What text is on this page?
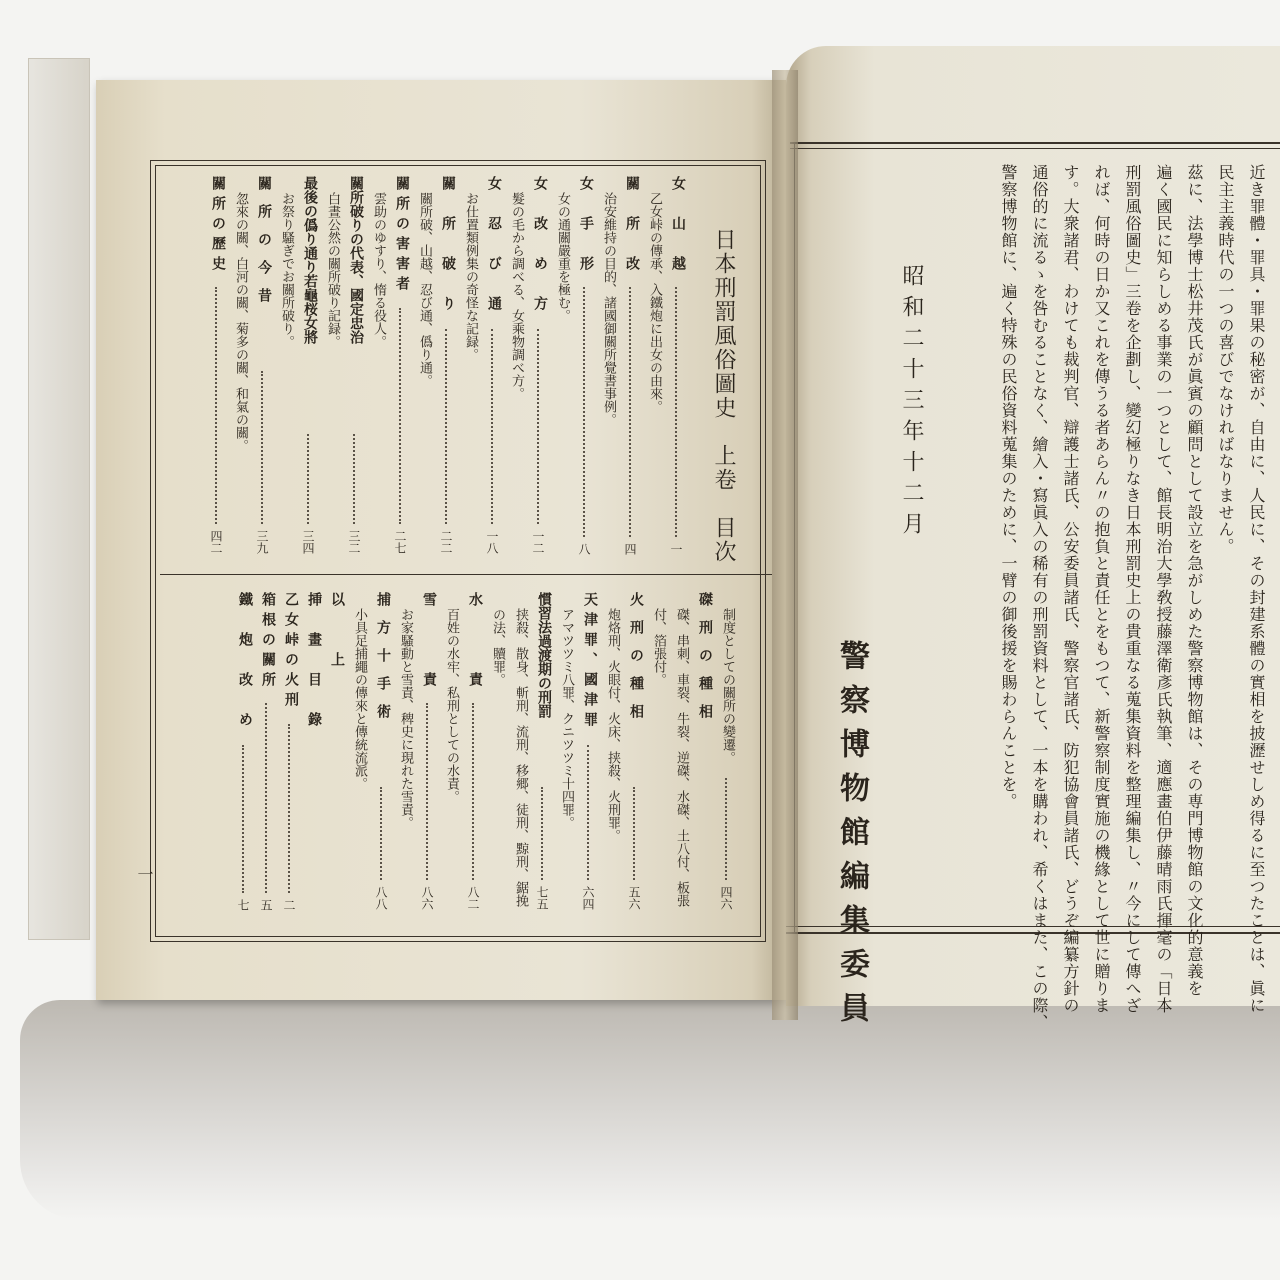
日本刑罰風俗圖史　上卷　目次
女　山　越
一
乙女峠の傳承、入鐵炮に出女の由來。
關　所　改
四
治安維持の目的、諸國御關所覺書事例。
女　手　形
八
女の通關嚴重を極む。
女　改　め　方
一二
髮の毛から調べる、女乘物調べ方。
女　忍　び　通
一八
お仕置類例集の奇怪な記録。
關　所　破　り
二二
關所破、山越、忍び通、僞り通。
關所の害害者
二七
雲助のゆすり、惰る役人。
關所破りの代表、國定忠治
三二
白晝公然の關所破り記録。
最後の僞り通り若龜桜女將
三四
お祭り騷ぎでお關所破り。
關　所　の　今　昔
三九
忽來の關、白河の關、菊多の關、和氣の關。
關所の歷史
四二
制度としての關所の變遷。
四六
磔　刑　の　種　相
磔、串刺、車裂、牛裂、逆磔、水磔、土八付、板張
付、箔張付。
火　刑　の　種　相
五六
炮烙刑、火眼付、火床、挟殺、火刑罪。
天津罪、國津罪
六四
アマツツミ八罪、クニツツミ十四罪。
慣習法過渡期の刑罰
七五
挟殺、散身、斬刑、流刑、移郷、徒刑、黥刑、鋸挽
の法、贖罪。
水　　　責
八二
百姓の水牢、私刑としての水責。
雪　　　責
八六
お家騷動と雪責、稗史に現れた雪責。
捕　方　十　手　術
八八
小具足捕繩の傳來と傳統流派。
以　　上
挿　畫　目　錄
乙女峠の火刑
二
箱根の關所
五
鐵　炮　改　め
七
一	近き罪體・罪具・罪果の秘密が、自由に、人民に、その封建系體の實相を披瀝せしめ得るに至つたことは、眞に
民主主義時代の一つの喜びでなければなりません。
茲に、法學博士松井茂氏が眞賓の顧問として設立を急がしめた警察博物館は、その専門博物館の文化的意義を
遍く國民に知らしめる事業の一つとして、館長明治大學敎授藤澤衛彥氏執筆、適應畫伯伊藤晴雨氏揮毫の「日本
刑罰風俗圖史」三卷を企劃し、變幻極りなき日本刑罰史上の貴重なる蒐集資料を整理編集し、〃今にして傳へざ
れば、何時の日か又これを傳うる者あらん〃の抱負と責任とをもつて、新警察制度實施の機緣として世に贈りま
す。大衆諸君、わけても裁判官、辯護士諸氏、公安委員諸氏、警察官諸氏、防犯協會員諸氏、どうぞ編纂方針の
通俗的に流るゝを咎むることなく、繪入・寫眞入の稀有の刑罰資料として、一本を購われ、希くはまた、この際、
警察博物館に、遍く特殊の民俗資料蒐集のために、一臂の御後援を賜わらんことを。
昭和二十三年十二月
警察博物館編集委員
